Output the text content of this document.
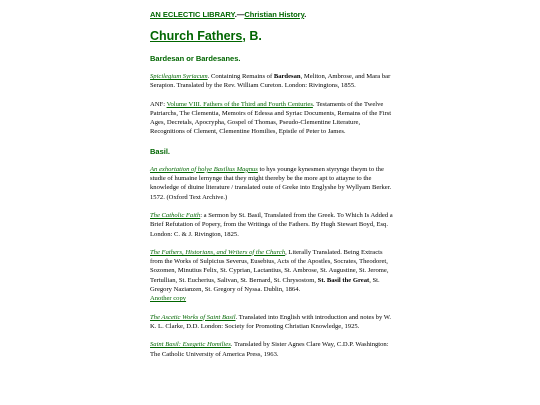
AN ECLECTIC LIBRARY.—Christian History.

Church Fathers, B.
Bardesan or Bardesanes.

Spicilegium Syriacum. Containing Remains of Bardesan, Meliton, Ambrose, and Mara bar Serapion. Translated by the Rev. William Cureton. London: Rivingtons, 1855.

ANF: Volume VIII. Fathers of the Third and Fourth Centuries. Testaments of the Twelve Patriarchs, The Clementia, Memoirs of Edessa and Syriac Documents, Remains of the First Ages, Decretals, Apocrypha, Gospel of Thomas, Pseudo-Clementine Literature, Recognitions of Clement, Clementine Homilies, Epistle of Peter to James.

Basil.

An exhortation of holye Basilius Magnus to hys younge kynesmen styrynge theym to the studie of humaine lernynge that they might thereby be the more apt to attayne to the knowledge of diuine literature / translated oute of Greke into Englyshe by Wyllyam Berker. 1572. (Oxford Text Archive.)

The Catholic Faith: a Sermon by St. Basil, Translated from the Greek. To Which Is Added a Brief Refutation of Popery, from the Writings of the Fathers. By Hugh Stewart Boyd, Esq. London: C. & J. Rivington, 1825.

The Fathers, Historians, and Writers of the Church, Literally Translated. Being Extracts from the Works of Sulpicius Severus, Eusebius, Acts of the Apostles, Socrates, Theodoret, Sozomen, Minutius Felix, St. Cyprian, Lactantius, St. Ambrose, St. Augustine, St. Jerome, Tertullian, St. Eucherius, Salivan, St. Bernard, St. Chrysostom, St. Basil the Great, St. Gregory Nazianzen, St. Gregory of Nyssa. Dublin, 1864.
Another copy

The Ascetic Works of Saint Basil. Translated into English with introduction and notes by W. K. L. Clarke, D.D. London: Society for Promoting Christian Knowledge, 1925.

Saint Basil: Exegetic Homilies. Translated by Sister Agnes Clare Way, C.D.P. Washington: The Catholic University of America Press, 1963.
